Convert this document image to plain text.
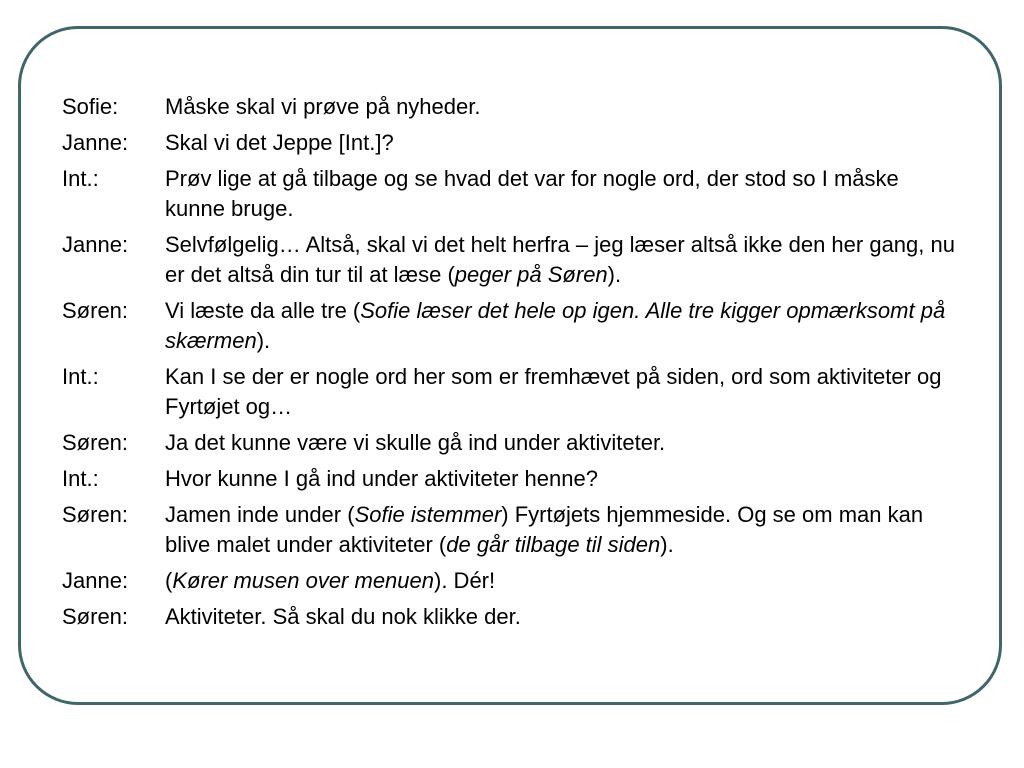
Sofie:	Måske skal vi prøve på nyheder.
Janne:	Skal vi det Jeppe [Int.]?
Int.:	Prøv lige at gå tilbage og se hvad det var for nogle ord, der stod so I måske kunne bruge.
Janne:	Selvfølgelig… Altså, skal vi det helt herfra – jeg læser altså ikke den her gang, nu er det altså din tur til at læse (peger på Søren).
Søren:	Vi læste da alle tre (Sofie læser det hele op igen. Alle tre kigger opmærksomt på skærmen).
Int.:	Kan I se der er nogle ord her som er fremhævet på siden, ord som aktiviteter og Fyrtøjet og…
Søren:	Ja det kunne være vi skulle gå ind under aktiviteter.
Int.:	Hvor kunne I gå ind under aktiviteter henne?
Søren:	Jamen inde under (Sofie istemmer) Fyrtøjets hjemmeside. Og se om man kan blive malet under aktiviteter (de går tilbage til siden).
Janne:	(Kører musen over menuen). Dér!
Søren:	Aktiviteter. Så skal du nok klikke der.
